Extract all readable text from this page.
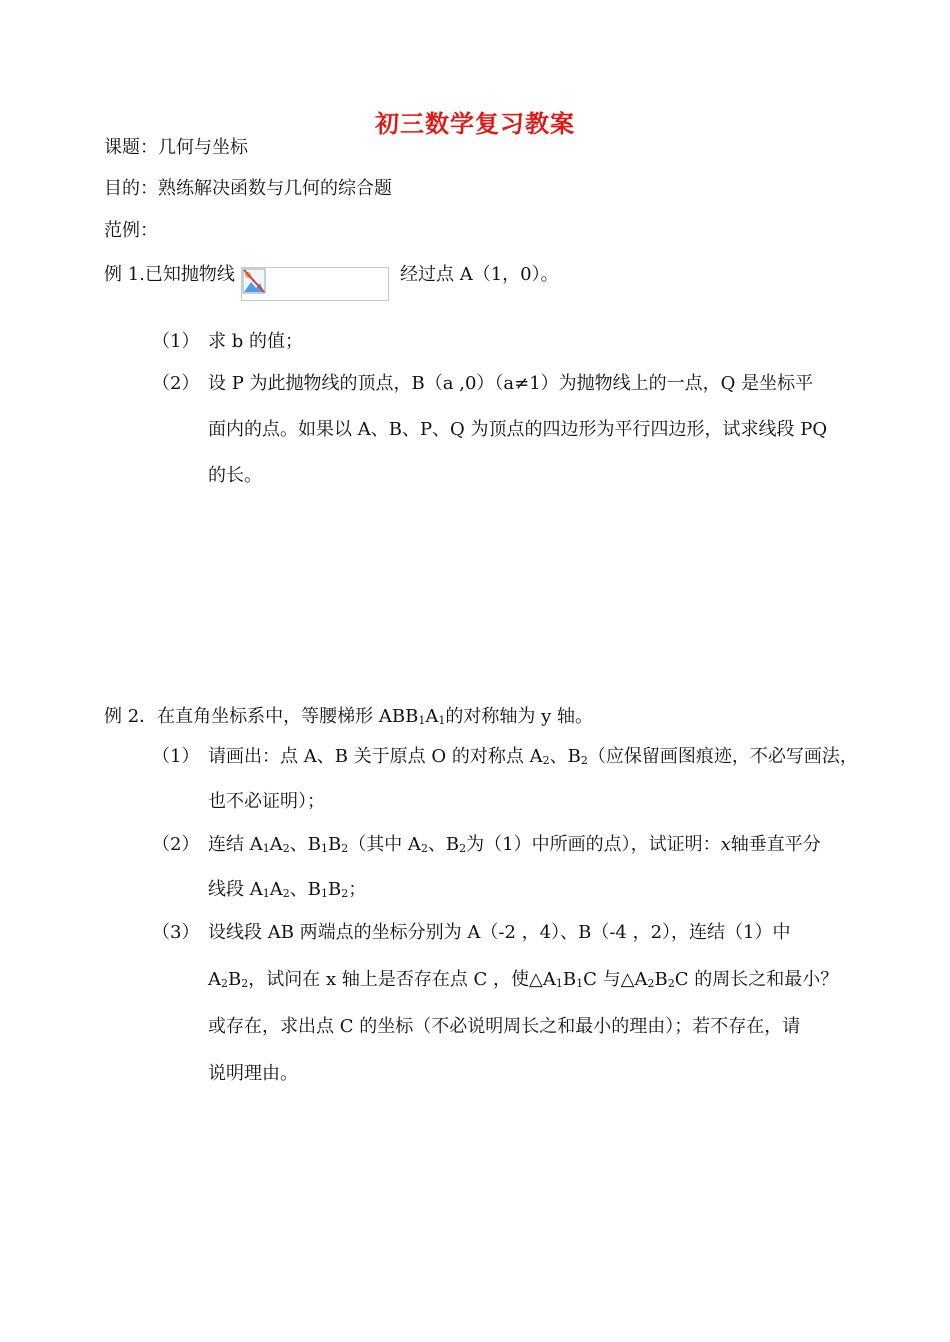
初三数学复习教案
课题：几何与坐标
目的：熟练解决函数与几何的综合题
范例：
例 1.已知抛物线	经过点 A（1，0）。
（1） 求 b 的值；
（2） 设 P 为此抛物线的顶点，B（a ,0）（a≠1）为抛物线上的一点，Q 是坐标平
面内的点。如果以 A、B、P、Q 为顶点的四边形为平行四边形，试求线段 PQ
的长。
例 2．在直角坐标系中，等腰梯形 $ABB_1A_1$的对称轴为 y 轴。
（1） 请画出：点 A、B 关于原点 O 的对称点 $A_2$、$B_2$（应保留画图痕迹，不必写画法，
也不必证明）；
（2） 连结 $A_1A_2$、$B_1B_2$（其中 $A_2$、$B_2$为（1）中所画的点），试证明：x轴垂直平分
线段 $A_1A_2$、$B_1B_2$；
（3） 设线段 AB 两端点的坐标分别为 A（-2 ，4）、B（-4 ，2），连结（1）中
$A_2B_2$，试问在 x 轴上是否存在点 C ，使$\triangle A_1B_1C$ 与$\triangle A_2B_2C$ 的周长之和最小？
或存在，求出点 C 的坐标（不必说明周长之和最小的理由）；若不存在，请
说明理由。
